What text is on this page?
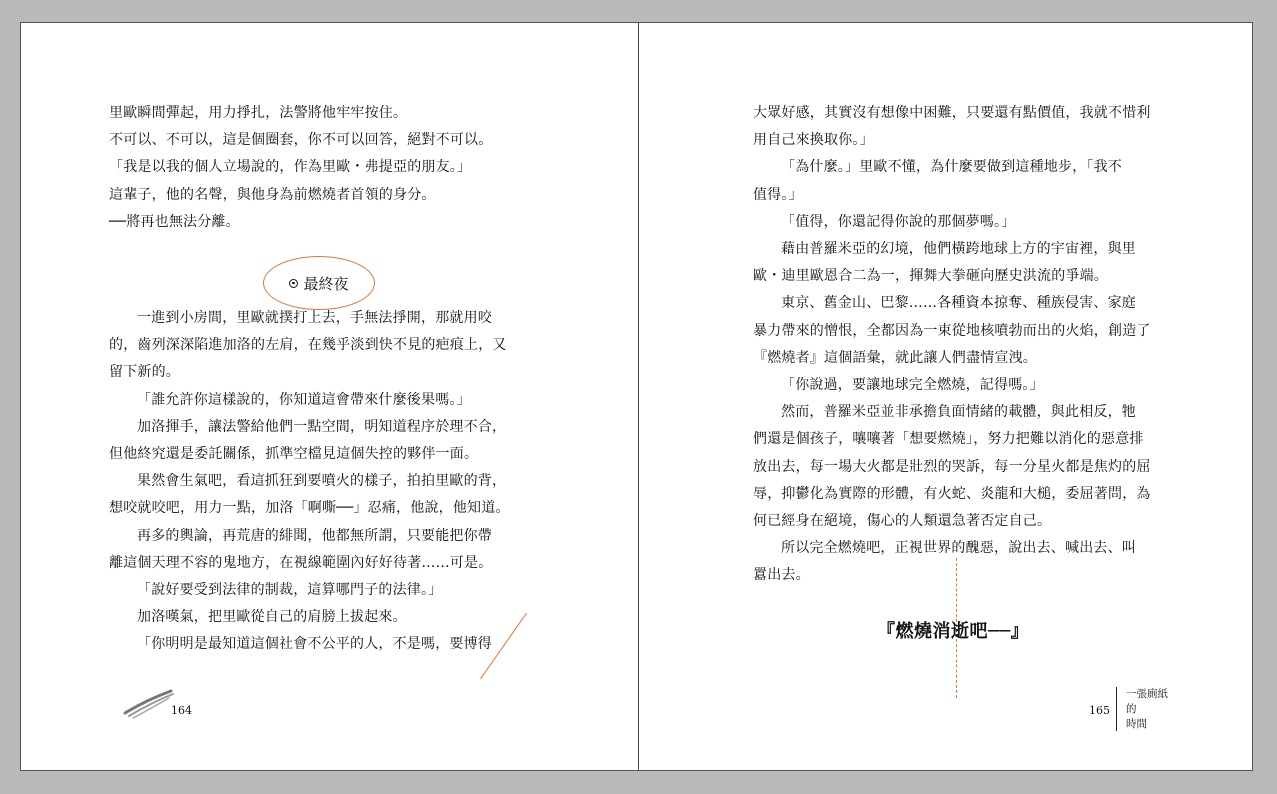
里歐瞬間彈起，用力掙扎，法警將他牢牢按住。

不可以、不可以，這是個圈套，你不可以回答，絕對不可以。

「我是以我的個人立場說的，作為里歐・弗提亞的朋友。」

這輩子，他的名聲，與他身為前燃燒者首領的身分。

──將再也無法分離。

最終夜

一進到小房間，里歐就撲打上去，手無法掙開，那就用咬

的，齒列深深陷進加洛的左肩，在幾乎淡到快不見的疤痕上，又

留下新的。

「誰允許你這樣說的，你知道這會帶來什麼後果嗎。」

加洛揮手，讓法警給他們一點空間，明知道程序於理不合，

但他終究還是委託關係，抓準空檔見這個失控的夥伴一面。

果然會生氣吧，看這抓狂到要噴火的樣子，拍拍里歐的背，

想咬就咬吧，用力一點，加洛「啊嘶──」忍痛，他說，他知道。

再多的輿論，再荒唐的緋聞，他都無所謂，只要能把你帶

離這個天理不容的鬼地方，在視線範圍內好好待著……可是。

「說好要受到法律的制裁，這算哪門子的法律。」

加洛嘆氣，把里歐從自己的肩膀上拔起來。

「你明明是最知道這個社會不公平的人，不是嗎，要博得

164

大眾好感，其實沒有想像中困難，只要還有點價值，我就不惜利

用自己來換取你。」

「為什麼。」里歐不懂，為什麼要做到這種地步，「我不

值得。」

「值得，你還記得你說的那個夢嗎。」

藉由普羅米亞的幻境，他們橫跨地球上方的宇宙裡，與里

歐・迪里歐恩合二為一，揮舞大拳砸向歷史洪流的爭端。

東京、舊金山、巴黎……各種資本掠奪、種族侵害、家庭

暴力帶來的憎恨，全都因為一束從地核噴勃而出的火焰，創造了

『燃燒者』這個語彙，就此讓人們盡情宣洩。

「你說過，要讓地球完全燃燒，記得嗎。」

然而，普羅米亞並非承擔負面情緒的載體，與此相反，牠

們還是個孩子，嚷嚷著「想要燃燒」，努力把難以消化的惡意排

放出去，每一場大火都是壯烈的哭訴，每一分星火都是焦灼的屈

辱，抑鬱化為實際的形體，有火蛇、炎龍和大槌，委屈著問，為

何已經身在絕境，傷心的人類還急著否定自己。

所以完全燃燒吧，正視世界的醜惡，說出去、喊出去、叫

囂出去。

『燃燒消逝吧──』
165
一張廁紙
的
時間
